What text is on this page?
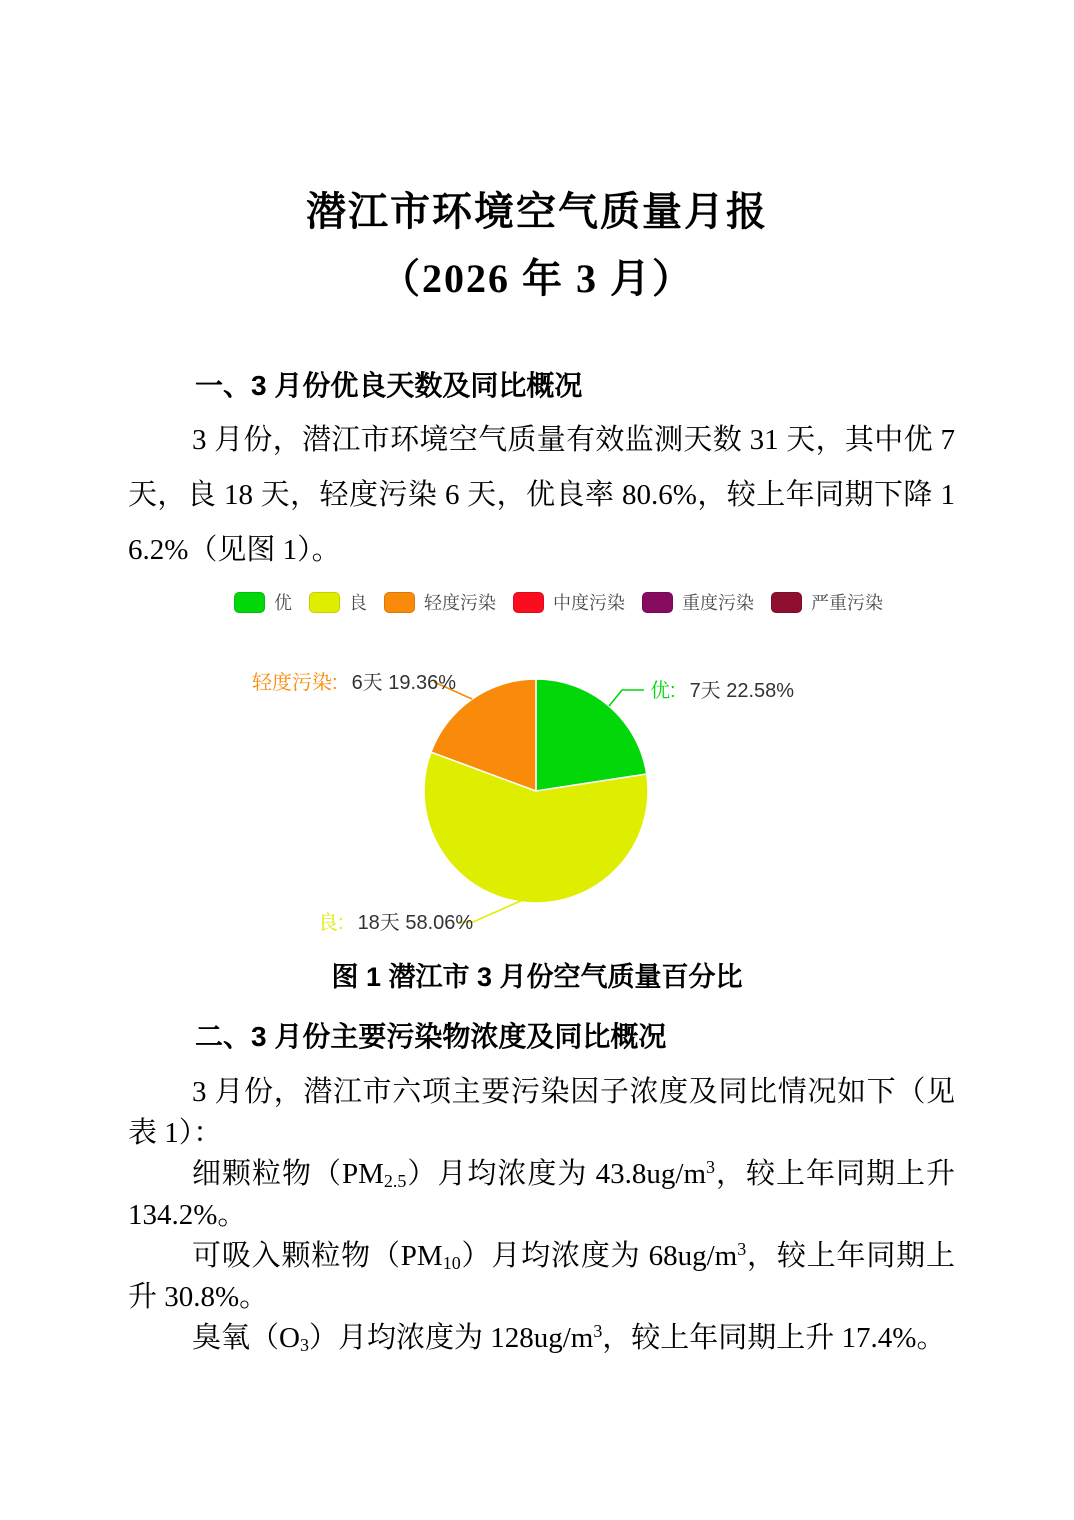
潜江市环境空气质量月报
（2026 年 3 月）
一、3 月份优良天数及同比概况

3 月份，潜江市环境空气质量有效监测天数 31 天，其中优 7 天，良 18 天，轻度污染 6 天，优良率 80.6%，较上年同期下降 16.2%（见图 1）。

优	良	轻度污染	中度污染	重度污染	严重污染
优: 7天 22.58%
良: 18天 58.06%
轻度污染: 6天 19.36%
图 1 潜江市 3 月份空气质量百分比
二、3 月份主要污染物浓度及同比概况

3 月份，潜江市六项主要污染因子浓度及同比情况如下（见表 1）：

细颗粒物$(PM_{2.5})$月均浓度为 $43.8ug/m^3$，较上年同期上升 134.2%。

可吸入颗粒物$(PM_{10})$月均浓度为 $68ug/m^3$，较上年同期上升 30.8%。

臭氧$(O_3)$月均浓度为 $128ug/m^3$，较上年同期上升 17.4%。
